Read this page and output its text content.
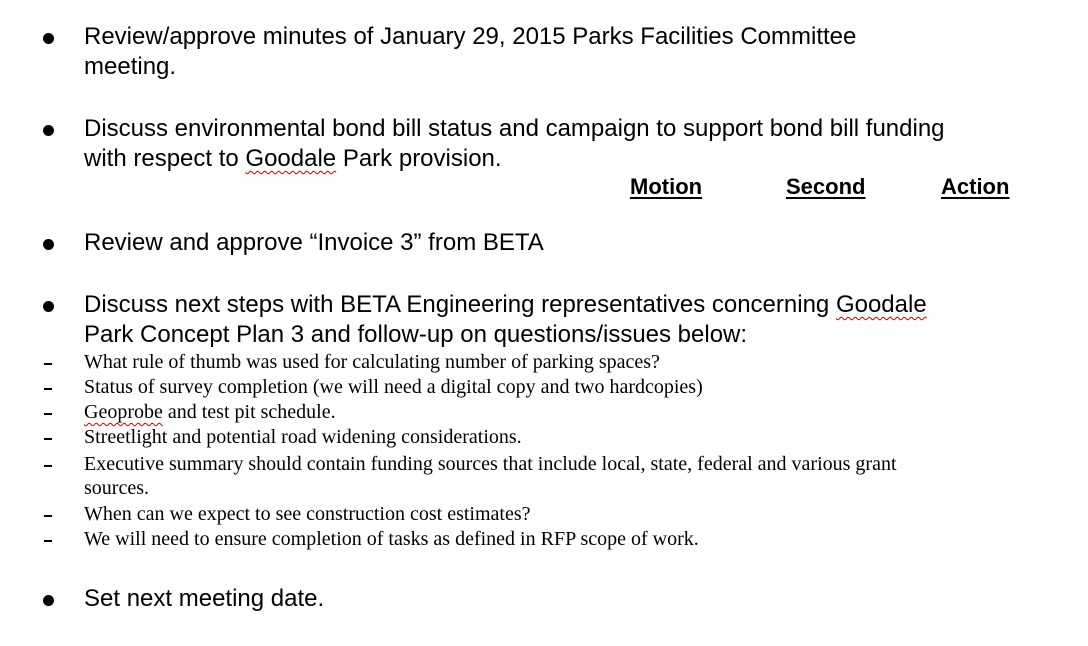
Review/approve minutes of January 29, 2015 Parks Facilities Committee
meeting.
Discuss environmental bond bill status and campaign to support bond bill funding
with respect to Goodale Park provision.
Motion	Second	Action
Review and approve “Invoice 3” from BETA
Discuss next steps with BETA Engineering representatives concerning Goodale
Park Concept Plan 3 and follow-up on questions/issues below:
What rule of thumb was used for calculating number of parking spaces?
Status of survey completion (we will need a digital copy and two hardcopies)
Geoprobe and test pit schedule.
Streetlight and potential road widening considerations.
Executive summary should contain funding sources that include local, state, federal and various grant
sources.
When can we expect to see construction cost estimates?
We will need to ensure completion of tasks as defined in RFP scope of work.
Set next meeting date.
